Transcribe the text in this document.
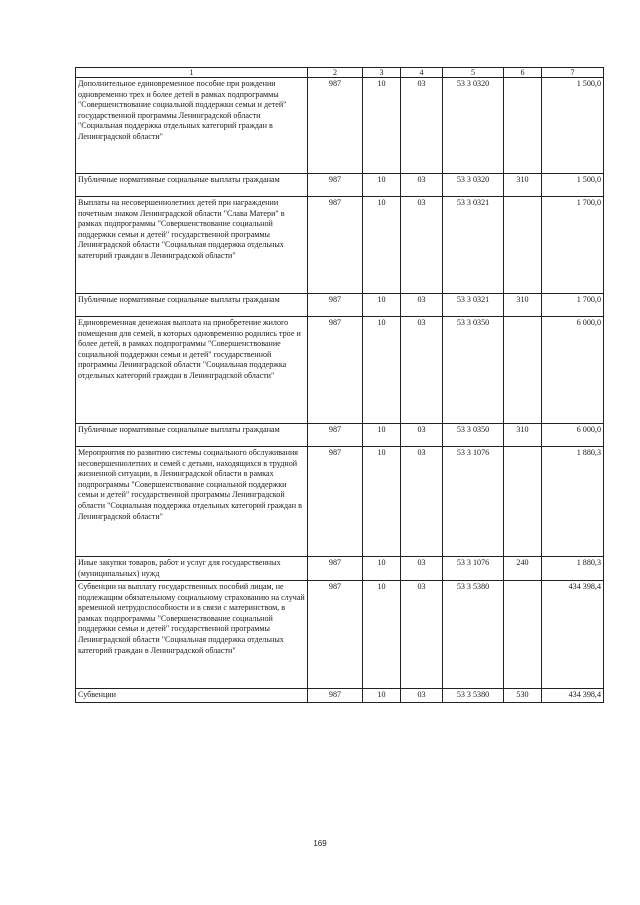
1	2	3	4	5	6	7
Дополнительное единовременное пособие при рождении одновременно трех и более детей в рамках подпрограммы "Совершенствование социальной поддержки семьи и детей" государственной программы Ленинградской области "Социальная поддержка отдельных категорий граждан в Ленинградской области"	987	10	03	53 3 0320		1 500,0
Публичные нормативные социальные выплаты гражданам	987	10	03	53 3 0320	310	1 500,0
Выплаты на несовершеннолетних детей при награждении почетным знаком Ленинградской области "Слава Матери" в рамках подпрограммы "Совершенствование социальной поддержки семьи и детей" государственной программы Ленинградской области "Социальная поддержка отдельных категорий граждан в Ленинградской области"	987	10	03	53 3 0321		1 700,0
Публичные нормативные социальные выплаты гражданам	987	10	03	53 3 0321	310	1 700,0
Единовременная денежная выплата на приобретение жилого помещения для семей, в которых одновременно родились трое и более детей, в рамках подпрограммы "Совершенствование социальной поддержки семьи и детей" государственной программы Ленинградской области "Социальная поддержка отдельных категорий граждан в Ленинградской области"	987	10	03	53 3 0350		6 000,0
Публичные нормативные социальные выплаты гражданам	987	10	03	53 3 0350	310	6 000,0
Мероприятия по развитию системы социального обслуживания несовершеннолетних и семей с детьми, находящихся в трудной жизненной ситуации, в Ленинградской области в рамках подпрограммы "Совершенствование социальной поддержки семьи и детей" государственной программы Ленинградской области "Социальная поддержка отдельных категорий граждан в Ленинградской области"	987	10	03	53 3 1076		1 880,3
Иные закупки товаров, работ и услуг для государственных (муниципальных) нужд	987	10	03	53 3 1076	240	1 880,3
Субвенции на выплату государственных пособий лицам, не подлежащим обязательному социальному страхованию на случай временной нетрудоспособности и в связи с материнством, в рамках подпрограммы "Совершенствование социальной поддержки семьи и детей" государственной программы Ленинградской области "Социальная поддержка отдельных категорий граждан в Ленинградской области"	987	10	03	53 3 5380		434 398,4
Субвенции	987	10	03	53 3 5380	530	434 398,4
169
